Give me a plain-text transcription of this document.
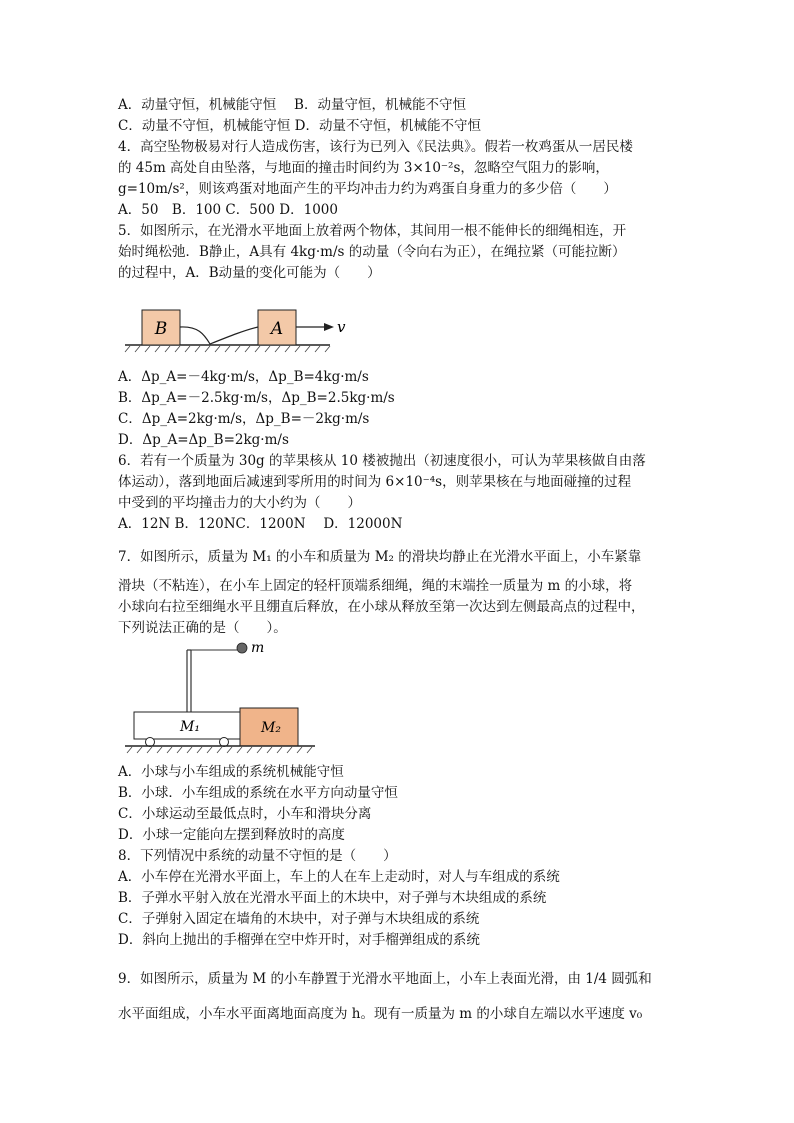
A．动量守恒，机械能守恒　 B．动量守恒，机械能不守恒
C．动量不守恒，机械能守恒 D．动量不守恒，机械能不守恒
4．高空坠物极易对行人造成伤害，该行为已列入《民法典》。假若一枚鸡蛋从一居民楼
的 45m 高处自由坠落，与地面的撞击时间约为 3×10⁻²s，忽略空气阻力的影响，
g=10m/s²，则该鸡蛋对地面产生的平均冲击力约为鸡蛋自身重力的多少倍（　　）
A．50　B．100 C．500 D．1000
5．如图所示，在光滑水平地面上放着两个物体，其间用一根不能伸长的细绳相连，开
始时绳松弛．B静止，A具有 4kg·m/s 的动量（令向右为正），在绳拉紧（可能拉断）
的过程中，A．B动量的变化可能为（　　）
B	A	v
A．Δp_A=－4kg·m/s，Δp_B=4kg·m/s
B．Δp_A=－2.5kg·m/s，Δp_B=2.5kg·m/s
C．Δp_A=2kg·m/s，Δp_B=－2kg·m/s
D．Δp_A=Δp_B=2kg·m/s
6．若有一个质量为 30g 的苹果核从 10 楼被抛出（初速度很小，可认为苹果核做自由落
体运动），落到地面后减速到零所用的时间为 6×10⁻⁴s，则苹果核在与地面碰撞的过程
中受到的平均撞击力的大小约为（　　）
A．12N B．120NC．1200N　 D．12000N
7．如图所示，质量为 M₁ 的小车和质量为 M₂ 的滑块均静止在光滑水平面上，小车紧靠
滑块（不粘连），在小车上固定的轻杆顶端系细绳，绳的末端拴一质量为 m 的小球，将
小球向右拉至细绳水平且绷直后释放，在小球从释放至第一次达到左侧最高点的过程中，
下列说法正确的是（　　）。
m
M₁	M₂
A．小球与小车组成的系统机械能守恒
B．小球．小车组成的系统在水平方向动量守恒
C．小球运动至最低点时，小车和滑块分离
D．小球一定能向左摆到释放时的高度
8．下列情况中系统的动量不守恒的是（　　）
A．小车停在光滑水平面上，车上的人在车上走动时，对人与车组成的系统
B．子弹水平射入放在光滑水平面上的木块中，对子弹与木块组成的系统
C．子弹射入固定在墙角的木块中，对子弹与木块组成的系统
D．斜向上抛出的手榴弹在空中炸开时，对手榴弹组成的系统
9．如图所示，质量为 M 的小车静置于光滑水平地面上，小车上表面光滑，由 1/4 圆弧和
水平面组成，小车水平面离地面高度为 h。现有一质量为 m 的小球自左端以水平速度 v₀
